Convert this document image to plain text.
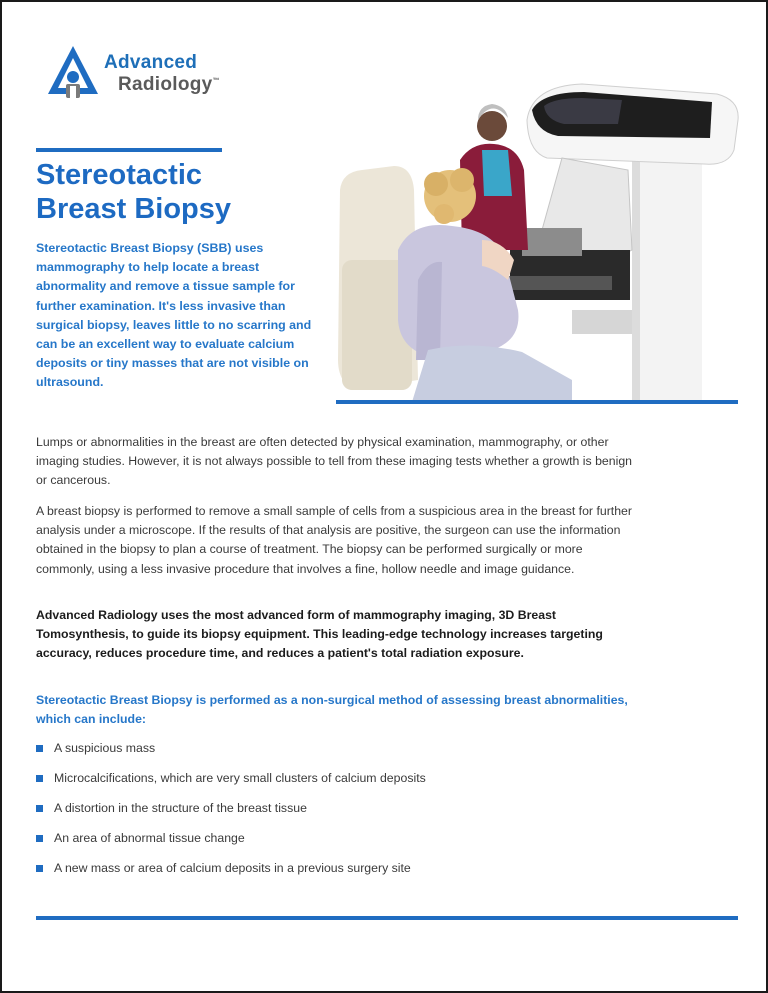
Advanced
Radiology™
Stereotactic
Breast Biopsy
Stereotactic Breast Biopsy (SBB) uses mammography to help locate a breast abnormality and remove a tissue sample for further examination. It's less invasive than surgical biopsy, leaves little to no scarring and can be an excellent way to evaluate calcium deposits or tiny masses that are not visible on ultrasound.
Lumps or abnormalities in the breast are often detected by physical examination, mammography, or other imaging studies. However, it is not always possible to tell from these imaging tests whether a growth is benign or cancerous.
A breast biopsy is performed to remove a small sample of cells from a suspicious area in the breast for further analysis under a microscope. If the results of that analysis are positive, the surgeon can use the information obtained in the biopsy to plan a course of treatment. The biopsy can be performed surgically or more commonly, using a less invasive procedure that involves a fine, hollow needle and image guidance.
Advanced Radiology uses the most advanced form of mammography imaging, 3D Breast Tomosynthesis, to guide its biopsy equipment. This leading-edge technology increases targeting accuracy, reduces procedure time, and reduces a patient's total radiation exposure.
Stereotactic Breast Biopsy is performed as a non-surgical method of assessing breast abnormalities, which can include:
A suspicious mass
Microcalcifications, which are very small clusters of calcium deposits
A distortion in the structure of the breast tissue
An area of abnormal tissue change
A new mass or area of calcium deposits in a previous surgery site
